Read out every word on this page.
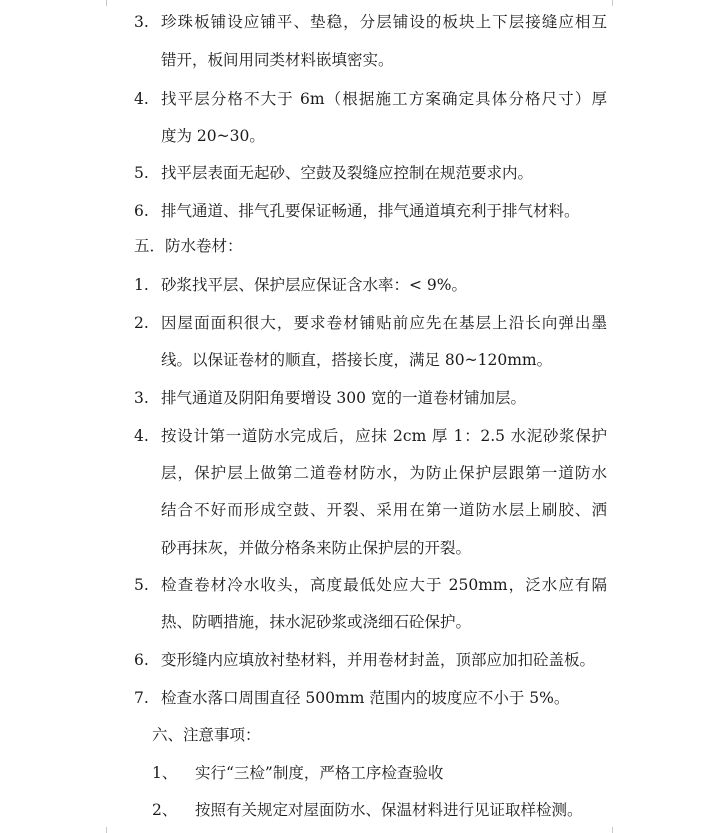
3. 珍珠板铺设应铺平、垫稳，分层铺设的板块上下层接缝应相互
错开，板间用同类材料嵌填密实。
4. 找平层分格不大于 6m（根据施工方案确定具体分格尺寸）厚
度为 20~30。
5. 找平层表面无起砂、空鼓及裂缝应控制在规范要求内。
6. 排气通道、排气孔要保证畅通，排气通道填充利于排气材料。
五．防水卷材：
1. 砂浆找平层、保护层应保证含水率：< 9%。
2. 因屋面面积很大，要求卷材铺贴前应先在基层上沿长向弹出墨
线。以保证卷材的顺直，搭接长度，满足 80~120mm。
3. 排气通道及阴阳角要增设 300 宽的一道卷材铺加层。
4. 按设计第一道防水完成后，应抹 2cm 厚 1：2.5 水泥砂浆保护
层，保护层上做第二道卷材防水，为防止保护层跟第一道防水
结合不好而形成空鼓、开裂、采用在第一道防水层上刷胶、洒
砂再抹灰，并做分格条来防止保护层的开裂。
5. 检查卷材冷水收头，高度最低处应大于 250mm，泛水应有隔
热、防晒措施，抹水泥砂浆或浇细石砼保护。
6. 变形缝内应填放衬垫材料，并用卷材封盖，顶部应加扣砼盖板。
7. 检查水落口周围直径 500mm 范围内的坡度应不小于 5%。
六、注意事项：
1、 实行“三检”制度，严格工序检查验收
2、 按照有关规定对屋面防水、保温材料进行见证取样检测。
